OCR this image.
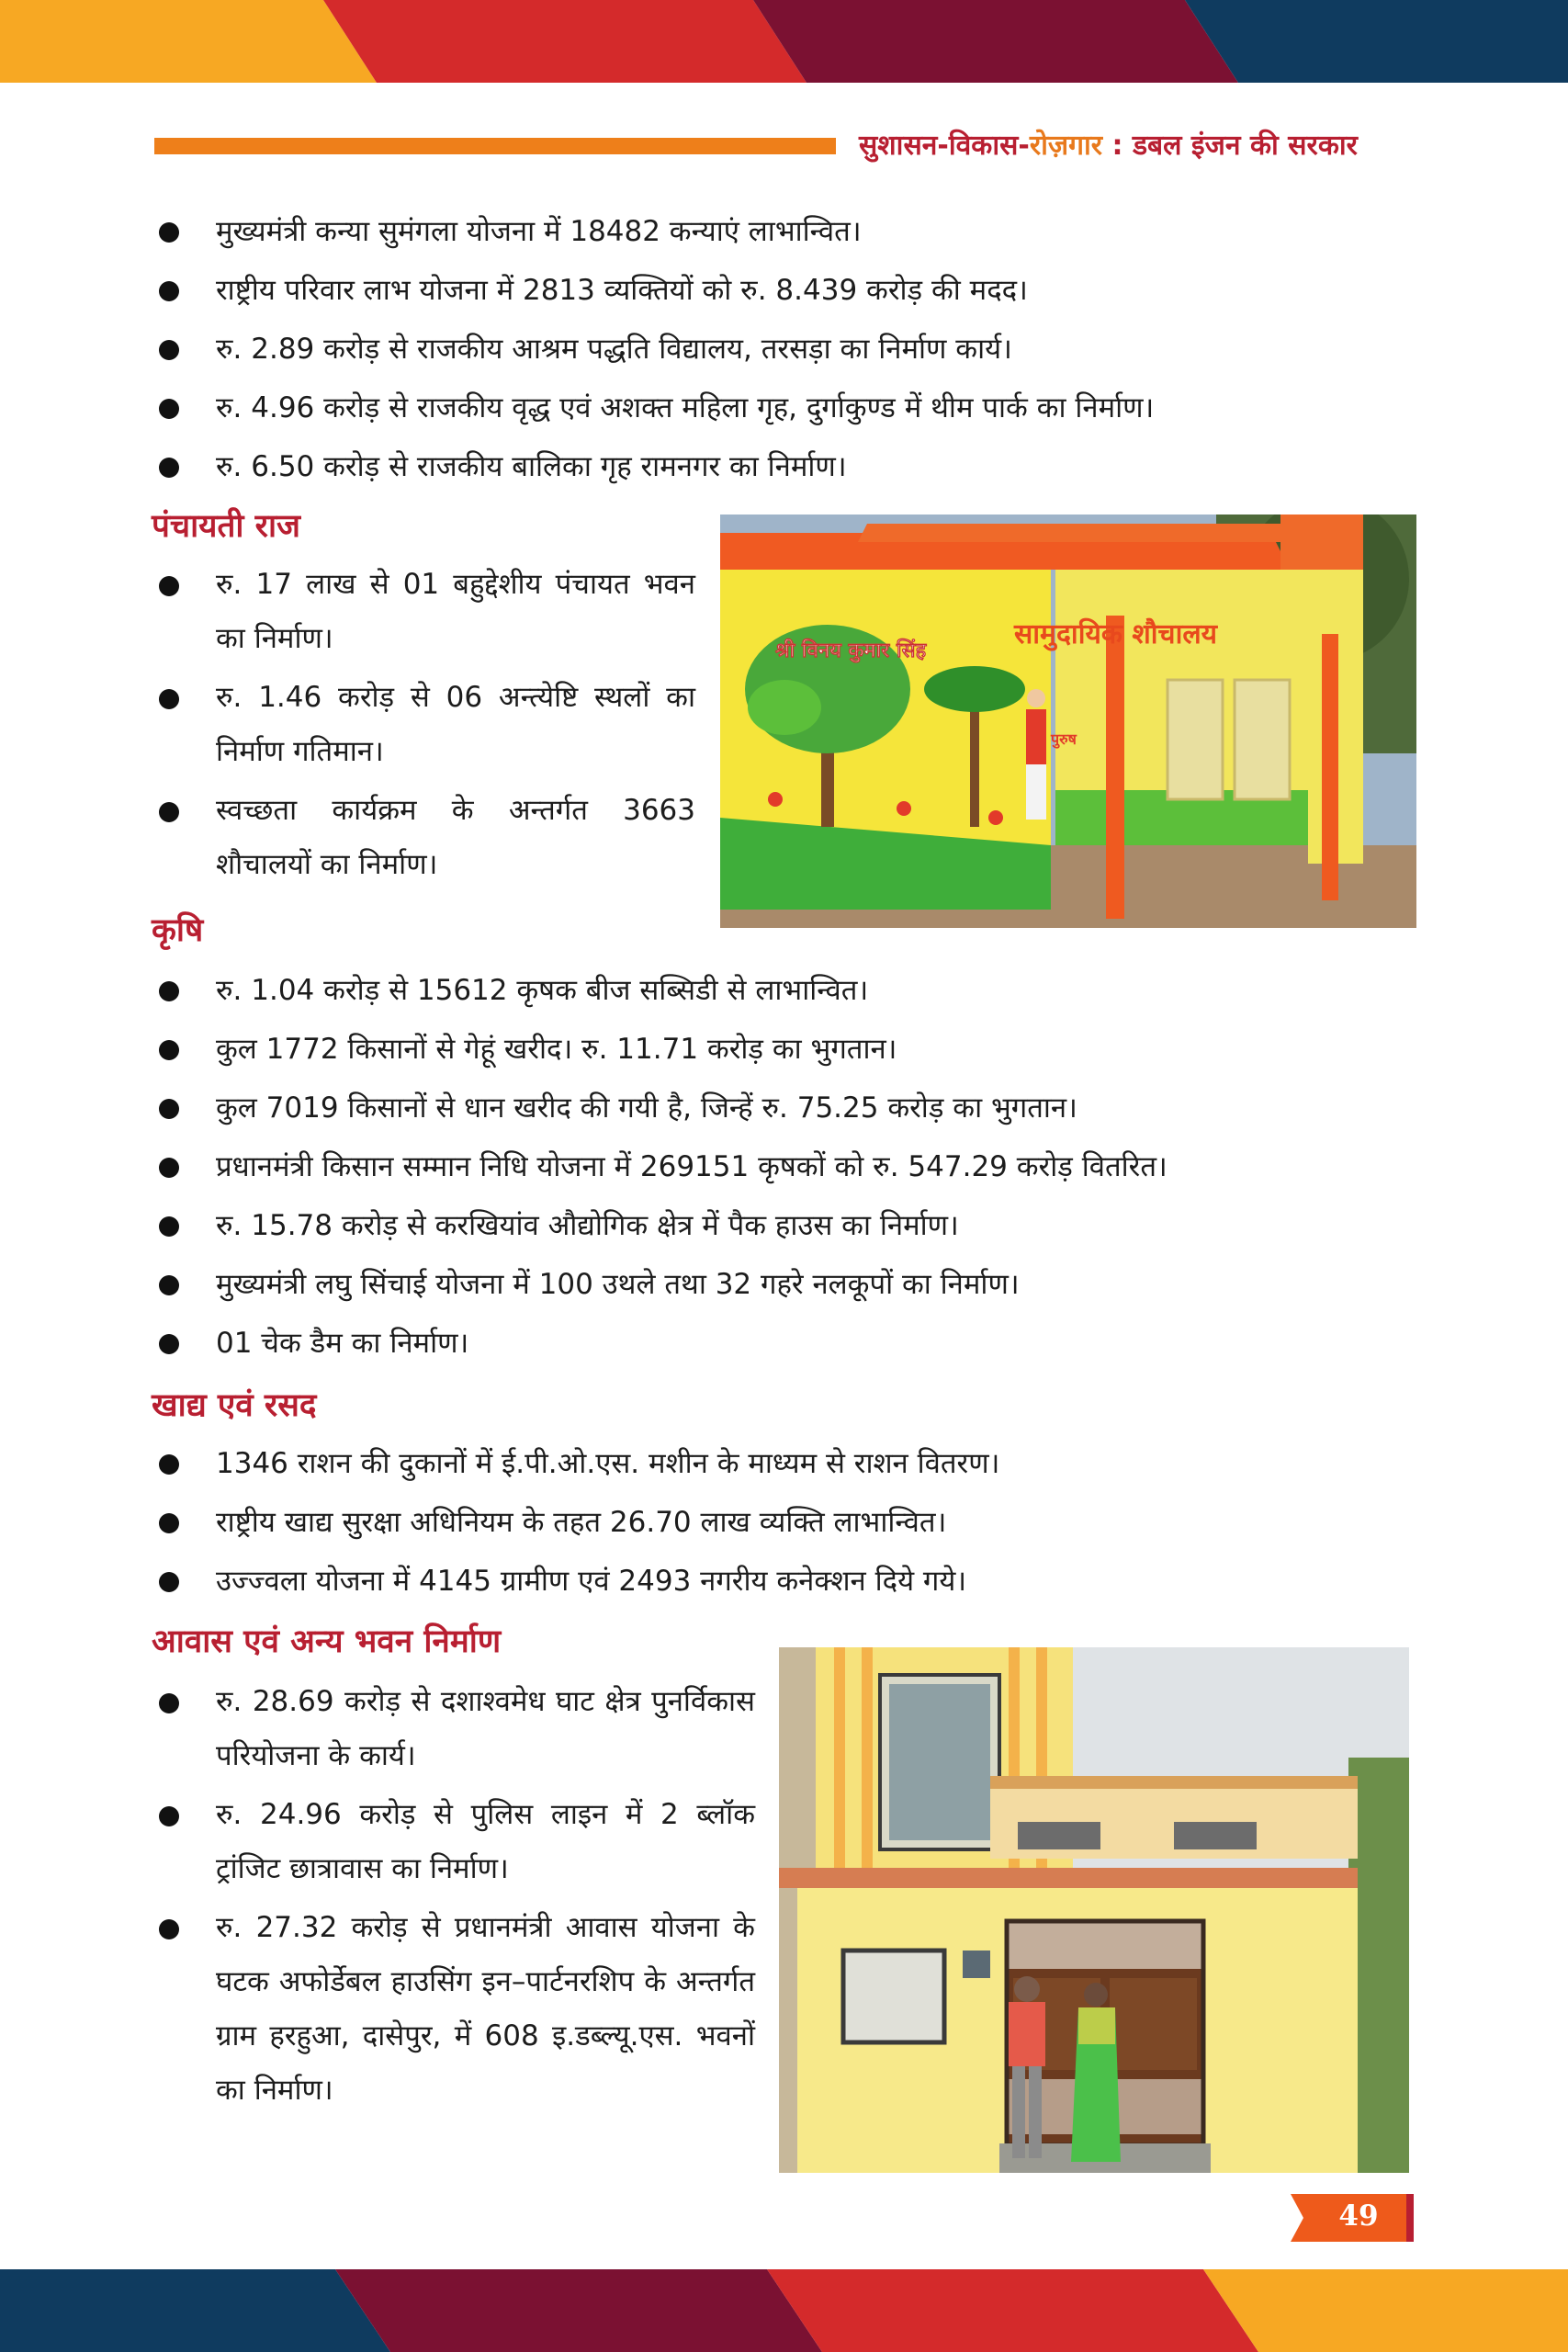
सुशासन-विकास-रोज़गार : डबल इंजन की सरकार
मुख्यमंत्री कन्या सुमंगला योजना में 18482 कन्याएं लाभान्वित।
राष्ट्रीय परिवार लाभ योजना में 2813 व्यक्तियों को रु. 8.439 करोड़ की मदद।
रु. 2.89 करोड़ से राजकीय आश्रम पद्धति विद्यालय, तरसड़ा का निर्माण कार्य।
रु. 4.96 करोड़ से राजकीय वृद्ध एवं अशक्त महिला गृह, दुर्गाकुण्ड में थीम पार्क का निर्माण।
रु. 6.50 करोड़ से राजकीय बालिका गृह रामनगर का निर्माण।
पंचायती राज
रु. 17 लाख से 01 बहुद्देशीय पंचायत भवन का निर्माण।
रु. 1.46 करोड़ से 06 अन्त्येष्टि स्थलों का निर्माण गतिमान।
स्वच्छता कार्यक्रम के अन्तर्गत 3663 शौचालयों का निर्माण।
सामुदायिक शौचालय
श्री विनय कुमार सिंह
पुरुष
कृषि
रु. 1.04 करोड़ से 15612 कृषक बीज सब्सिडी से लाभान्वित।
कुल 1772 किसानों से गेहूं खरीद। रु. 11.71 करोड़ का भुगतान।
कुल 7019 किसानों से धान खरीद की गयी है, जिन्हें रु. 75.25 करोड़ का भुगतान।
प्रधानमंत्री किसान सम्मान निधि योजना में 269151 कृषकों को रु. 547.29 करोड़ वितरित।
रु. 15.78 करोड़ से करखियांव औद्योगिक क्षेत्र में पैक हाउस का निर्माण।
मुख्यमंत्री लघु सिंचाई योजना में 100 उथले तथा 32 गहरे नलकूपों का निर्माण।
01 चेक डैम का निर्माण।
खाद्य एवं रसद
1346 राशन की दुकानों में ई.पी.ओ.एस. मशीन के माध्यम से राशन वितरण।
राष्ट्रीय खाद्य सुरक्षा अधिनियम के तहत 26.70 लाख व्यक्ति लाभान्वित।
उज्ज्वला योजना में 4145 ग्रामीण एवं 2493 नगरीय कनेक्शन दिये गये।
आवास एवं अन्य भवन निर्माण
रु. 28.69 करोड़ से दशाश्वमेध घाट क्षेत्र पुनर्विकास परियोजना के कार्य।
रु. 24.96 करोड़ से पुलिस लाइन में 2 ब्लॉक ट्रांजिट छात्रावास का निर्माण।
रु. 27.32 करोड़ से प्रधानमंत्री आवास योजना के घटक अफोर्डेबल हाउसिंग इन–पार्टनरशिप के अन्तर्गत ग्राम हरहुआ, दासेपुर, में 608 इ.डब्ल्यू.एस. भवनों का निर्माण।
49
